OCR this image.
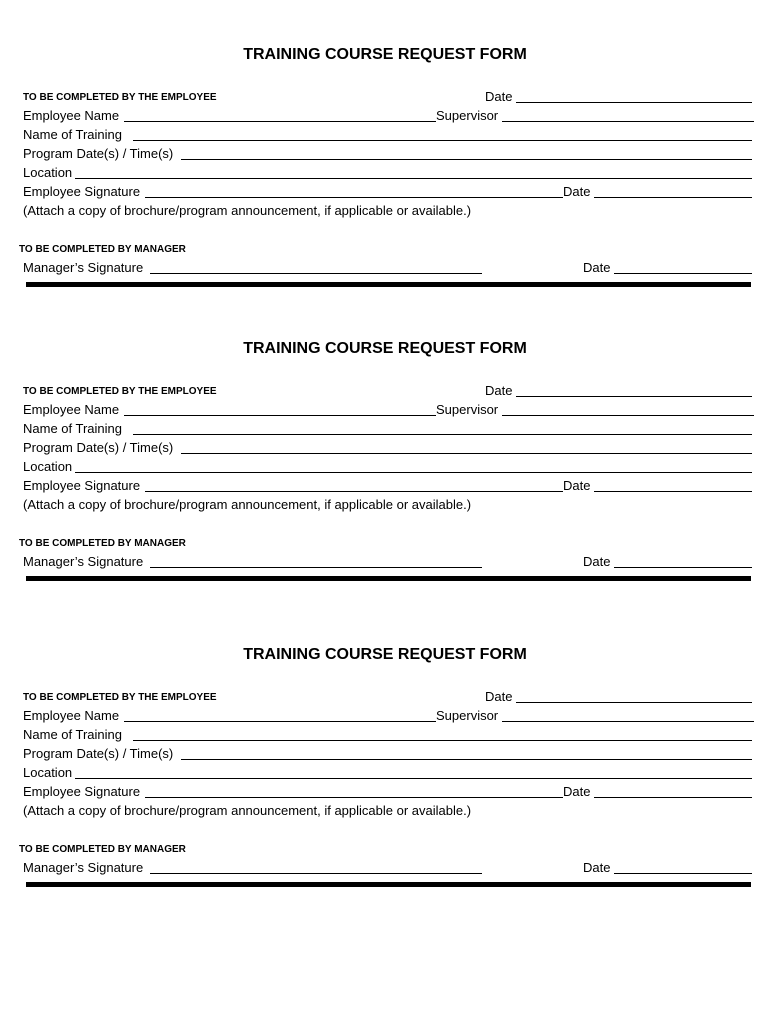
TRAINING COURSE REQUEST FORM
TO BE COMPLETED BY THE EMPLOYEE	Date
Employee Name	Supervisor
Name of Training
Program Date(s) / Time(s)
Location
Employee Signature	Date
(Attach a copy of brochure/program announcement, if applicable or available.)
TO BE COMPLETED BY MANAGER
Manager’s Signature	Date
TRAINING COURSE REQUEST FORM
TO BE COMPLETED BY THE EMPLOYEE	Date
Employee Name	Supervisor
Name of Training
Program Date(s) / Time(s)
Location
Employee Signature	Date
(Attach a copy of brochure/program announcement, if applicable or available.)
TO BE COMPLETED BY MANAGER
Manager’s Signature	Date
TRAINING COURSE REQUEST FORM
TO BE COMPLETED BY THE EMPLOYEE	Date
Employee Name	Supervisor
Name of Training
Program Date(s) / Time(s)
Location
Employee Signature	Date
(Attach a copy of brochure/program announcement, if applicable or available.)
TO BE COMPLETED BY MANAGER
Manager’s Signature	Date
